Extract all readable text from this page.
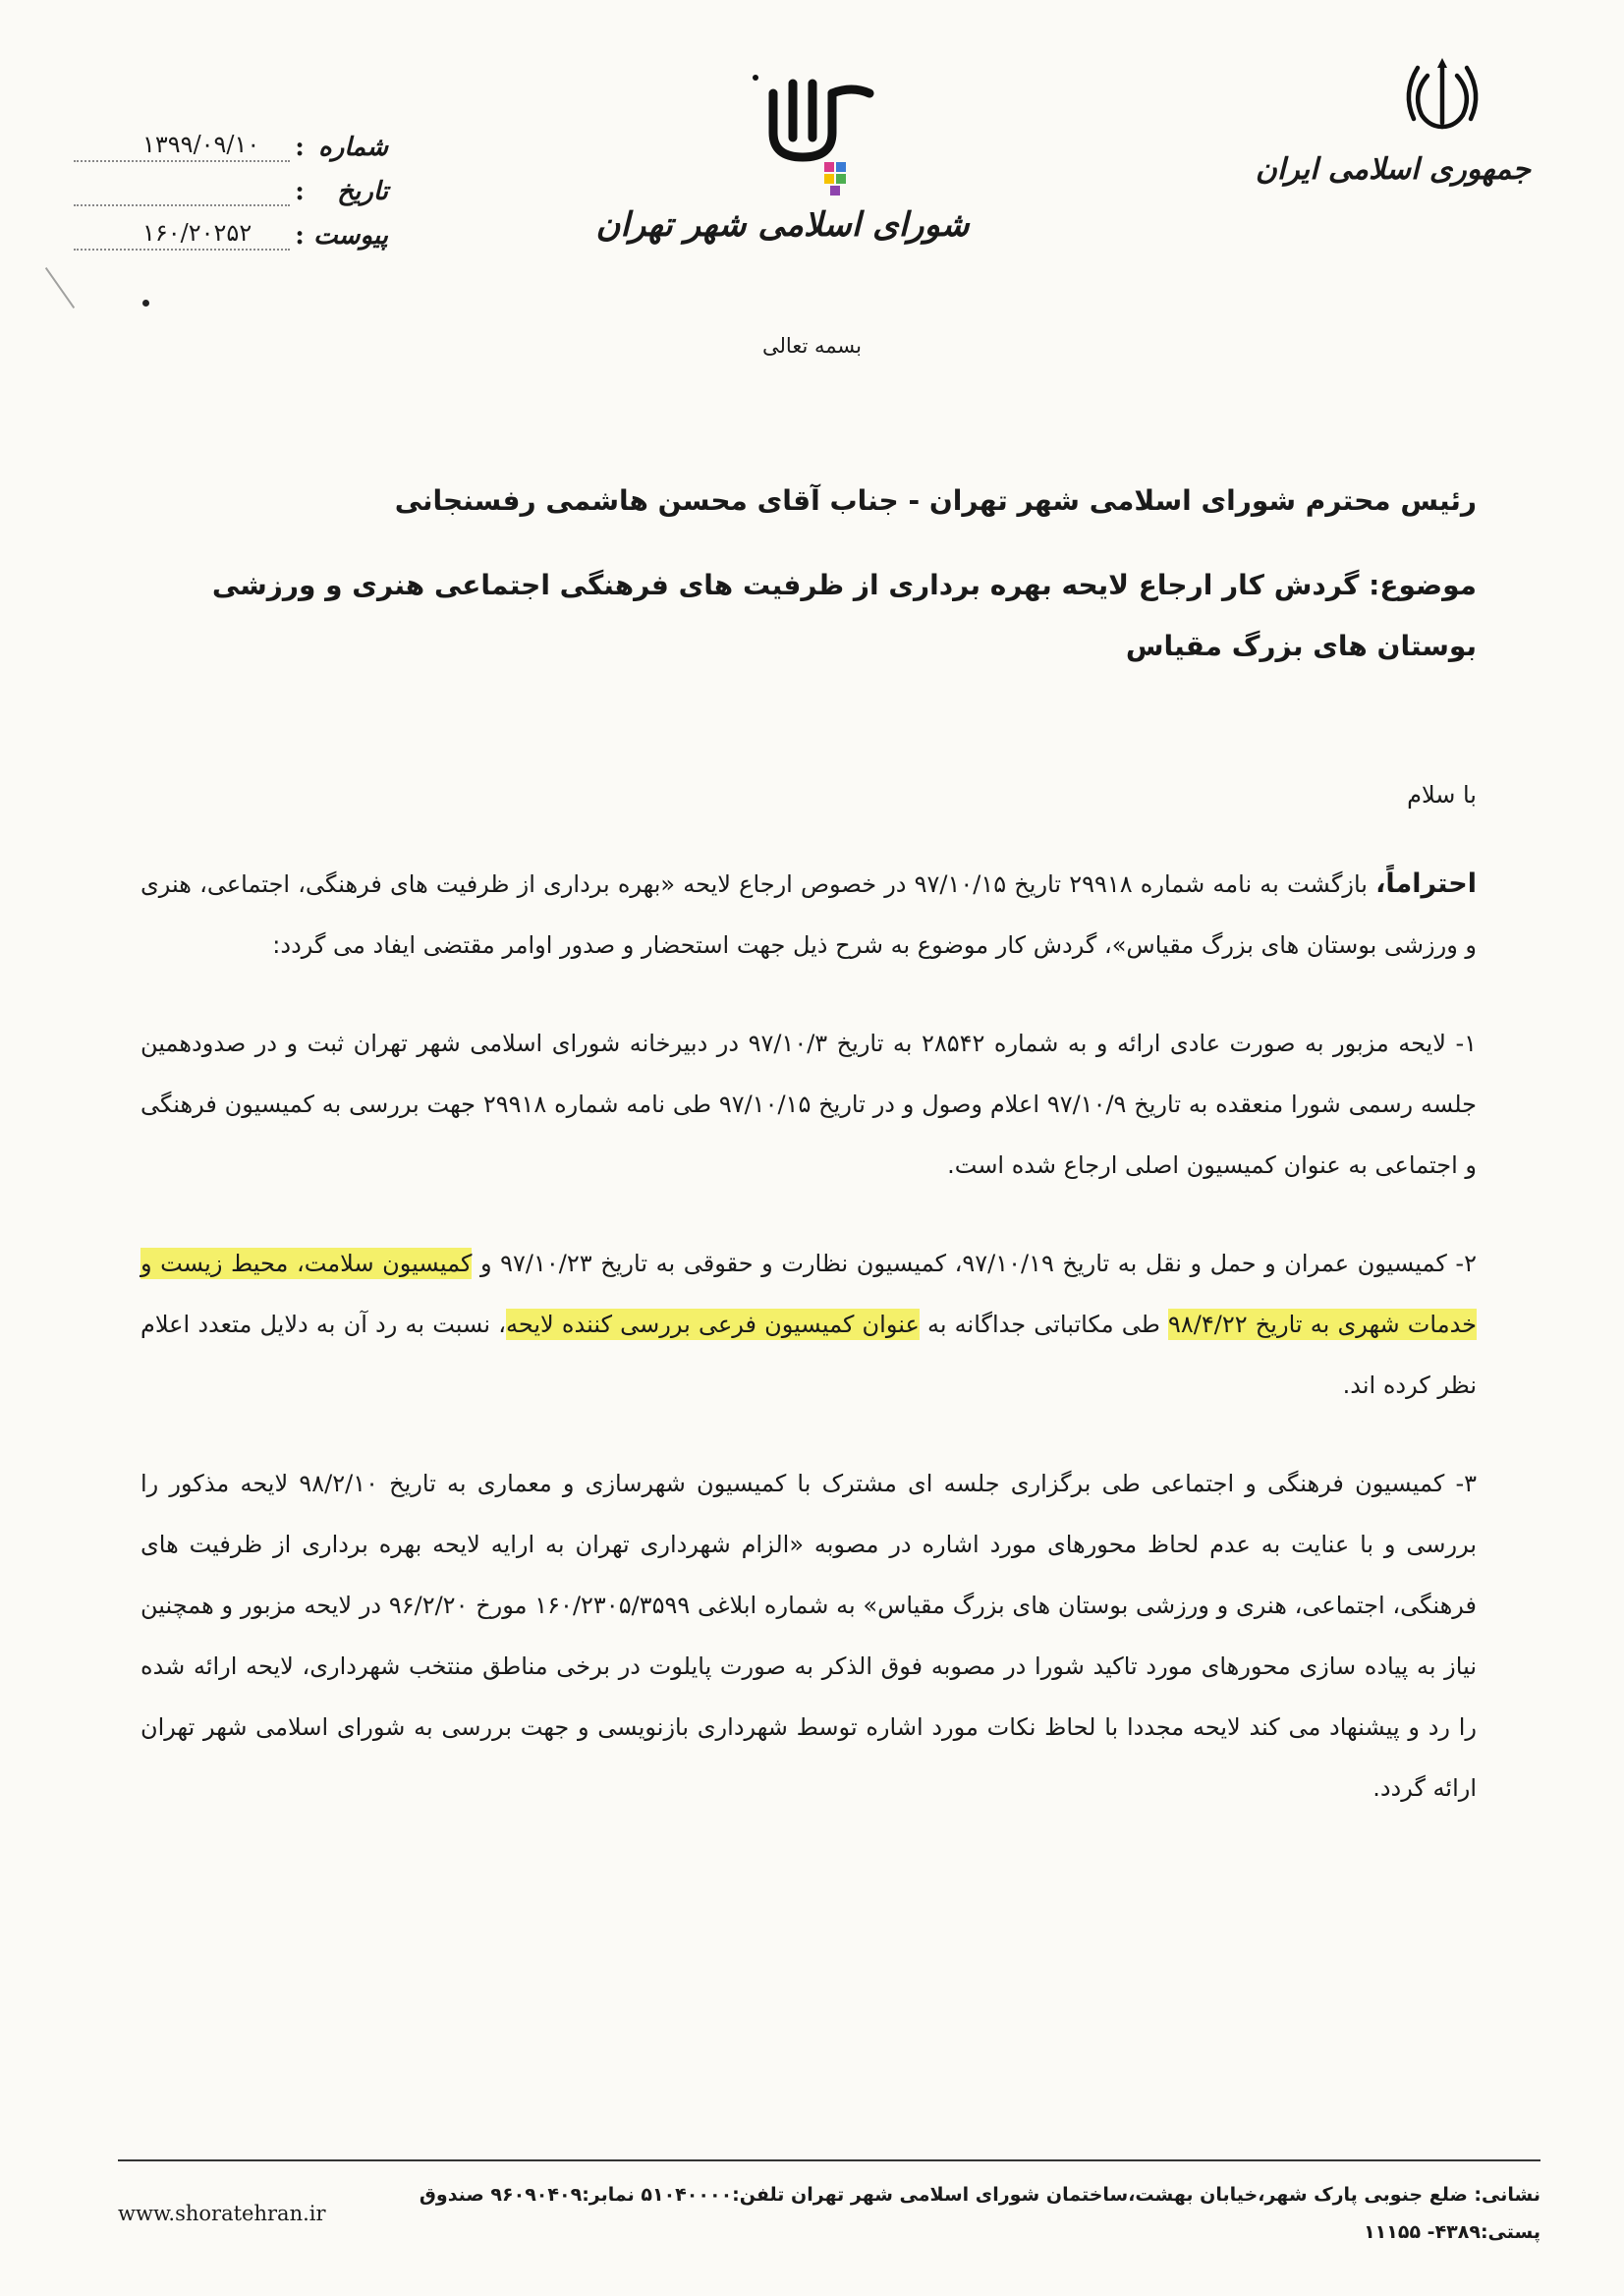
جمهوری اسلامی ایران
شورای اسلامی شهر تهران
شماره
:
۱۳۹۹/۰۹/۱۰
تاریخ
:
پیوست
:
۱۶۰/۲۰۲۵۲
بسمه تعالی
رئیس محترم شورای اسلامی شهر تهران - جناب آقای محسن هاشمی رفسنجانی
موضوع: گردش کار ارجاع لایحه بهره برداری از ظرفیت های فرهنگی اجتماعی هنری و ورزشی بوستان های بزرگ مقیاس
با سلام
احتراماً، بازگشت به نامه شماره ۲۹۹۱۸ تاریخ ۹۷/۱۰/۱۵ در خصوص ارجاع لایحه «بهره برداری از ظرفیت های فرهنگی، اجتماعی، هنری و ورزشی بوستان های بزرگ مقیاس»، گردش کار موضوع به شرح ذیل جهت استحضار و صدور اوامر مقتضی ایفاد می گردد:
۱- لایحه مزبور به صورت عادی ارائه و به شماره ۲۸۵۴۲ به تاریخ ۹۷/۱۰/۳ در دبیرخانه شورای اسلامی شهر تهران ثبت و در صدودهمین جلسه رسمی شورا منعقده به تاریخ ۹۷/۱۰/۹ اعلام وصول و در تاریخ ۹۷/۱۰/۱۵ طی نامه شماره ۲۹۹۱۸ جهت بررسی به کمیسیون فرهنگی و اجتماعی به عنوان کمیسیون اصلی ارجاع شده است.
۲- کمیسیون عمران و حمل و نقل به تاریخ ۹۷/۱۰/۱۹، کمیسیون نظارت و حقوقی به تاریخ ۹۷/۱۰/۲۳ و کمیسیون سلامت، محیط زیست و خدمات شهری به تاریخ ۹۸/۴/۲۲ طی مکاتباتی جداگانه به عنوان کمیسیون فرعی بررسی کننده لایحه، نسبت به رد آن به دلایل متعدد اعلام نظر کرده اند.
۳- کمیسیون فرهنگی و اجتماعی طی برگزاری جلسه ای مشترک با کمیسیون شهرسازی و معماری به تاریخ ۹۸/۲/۱۰ لایحه مذکور را بررسی و با عنایت به عدم لحاظ محورهای مورد اشاره در مصوبه «الزام شهرداری تهران به ارایه لایحه بهره برداری از ظرفیت های فرهنگی، اجتماعی، هنری و ورزشی بوستان های بزرگ مقیاس» به شماره ابلاغی ۱۶۰/۲۳۰۵/۳۵۹۹ مورخ ۹۶/۲/۲۰ در لایحه مزبور و همچنین نیاز به پیاده سازی محورهای مورد تاکید شورا در مصوبه فوق الذکر به صورت پایلوت در برخی مناطق منتخب شهرداری، لایحه ارائه شده را رد و پیشنهاد می کند لایحه مجددا با لحاظ نکات مورد اشاره توسط شهرداری بازنویسی و جهت بررسی به شورای اسلامی شهر تهران ارائه گردد.
نشانی: ضلع جنوبی پارک شهر،خیابان بهشت،ساختمان شورای اسلامی شهر تهران تلفن:۵۱۰۴۰۰۰۰ نمابر:۹۶۰۹۰۴۰۹ صندوق پستی:۴۳۸۹- ۱۱۱۵۵
www.shoratehran.ir
